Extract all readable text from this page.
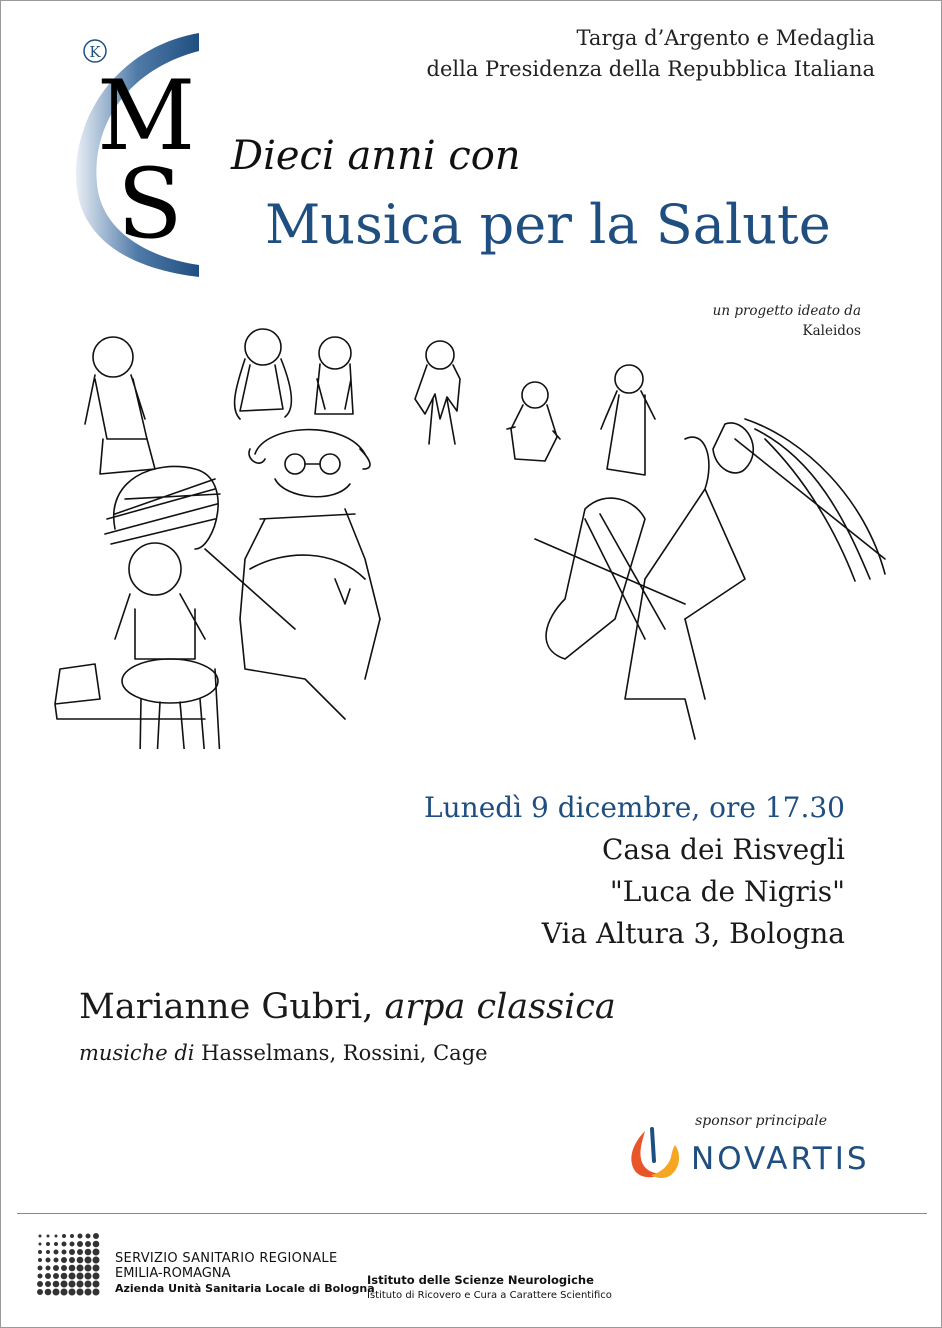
Targa d’Argento e Medaglia
della Presidenza della Repubblica Italiana
K
M
S Dieci anni con
Musica per la Salute
un progetto ideato da
Kaleidos
Lunedì 9 dicembre, ore 17.30
Casa dei Risvegli
"Luca de Nigris"
Via Altura 3, Bologna
Marianne Gubri, arpa classica
musiche di Hasselmans, Rossini, Cage
sponsor principale
NOVARTIS
SERVIZIO SANITARIO REGIONALE
EMILIA-ROMAGNA
Azienda Unità Sanitaria Locale di Bologna
Istituto delle Scienze Neurologiche
Istituto di Ricovero e Cura a Carattere Scientifico
